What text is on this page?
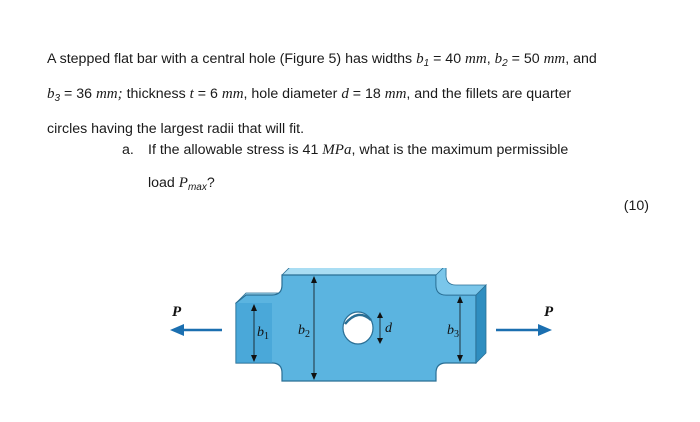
A stepped flat bar with a central hole (Figure 5) has widths $b_1 = 40$ mm, $b_2 = 50$ mm, and
$b_3 = 36$ mm; thickness t = 6 mm, hole diameter d = 18 mm, and the fillets are quarter
circles having the largest radii that will fit.
a. If the allowable stress is 41 MPa, what is the maximum permissible
load $P_{max}$?
(10)
P	P
$b_1$ $b_2$	d	$b_3$
